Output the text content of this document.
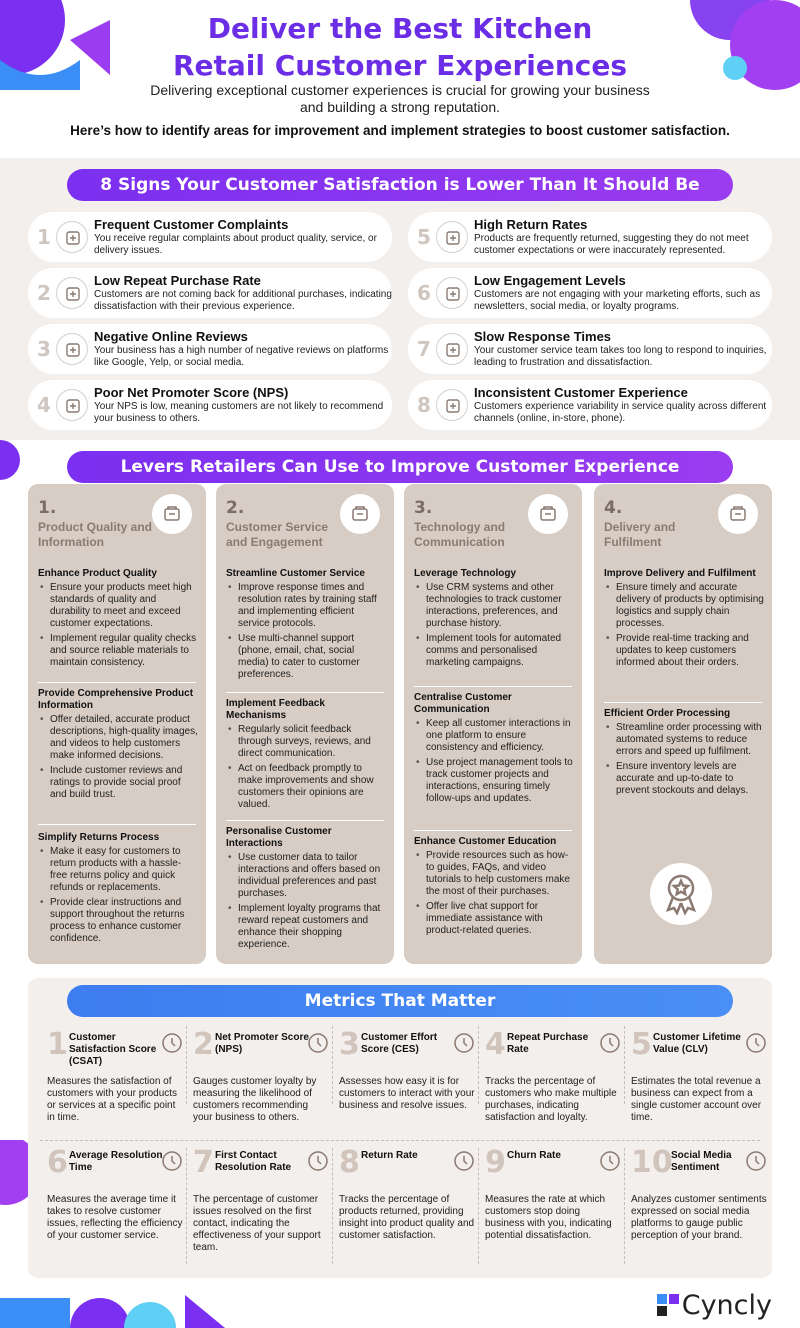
Deliver the Best Kitchen
Retail Customer Experiences
Delivering exceptional customer experiences is crucial for growing your business and building a strong reputation.
Here’s how to identify areas for improvement and implement strategies to boost customer satisfaction.
8 Signs Your Customer Satisfaction is Lower Than It Should Be
1
Frequent Customer Complaints
You receive regular complaints about product quality, service, or delivery issues.
2
Low Repeat Purchase Rate
Customers are not coming back for additional purchases, indicating dissatisfaction with their previous experience.
3
Negative Online Reviews
Your business has a high number of negative reviews on platforms like Google, Yelp, or social media.
4
Poor Net Promoter Score (NPS)
Your NPS is low, meaning customers are not likely to recommend your business to others.
5
High Return Rates
Products are frequently returned, suggesting they do not meet customer expectations or were inaccurately represented.
6
Low Engagement Levels
Customers are not engaging with your marketing efforts, such as newsletters, social media, or loyalty programs.
7
Slow Response Times
Your customer service team takes too long to respond to inquiries, leading to frustration and dissatisfaction.
8
Inconsistent Customer Experience
Customers experience variability in service quality across different channels (online, in-store, phone).
Levers Retailers Can Use to Improve Customer Experience
1.
Product Quality and Information
Enhance Product Quality
• Ensure your products meet high standards of quality and durability to meet and exceed customer expectations.
• Implement regular quality checks and source reliable materials to maintain consistency.
Provide Comprehensive Product Information
• Offer detailed, accurate product descriptions, high-quality images, and videos to help customers make informed decisions.
• Include customer reviews and ratings to provide social proof and build trust.
Simplify Returns Process
• Make it easy for customers to return products with a hassle-free returns policy and quick refunds or replacements.
• Provide clear instructions and support throughout the returns process to enhance customer confidence.
2.
Customer Service and Engagement
Streamline Customer Service
• Improve response times and resolution rates by training staff and implementing efficient service protocols.
• Use multi-channel support (phone, email, chat, social media) to cater to customer preferences.
Implement Feedback Mechanisms
• Regularly solicit feedback through surveys, reviews, and direct communication.
• Act on feedback promptly to make improvements and show customers their opinions are valued.
Personalise Customer Interactions
• Use customer data to tailor interactions and offers based on individual preferences and past purchases.
• Implement loyalty programs that reward repeat customers and enhance their shopping experience.
3.
Technology and Communication
Leverage Technology
• Use CRM systems and other technologies to track customer interactions, preferences, and purchase history.
• Implement tools for automated comms and personalised marketing campaigns.
Centralise Customer Communication
• Keep all customer interactions in one platform to ensure consistency and efficiency.
• Use project management tools to track customer projects and interactions, ensuring timely follow-ups and updates.
Enhance Customer Education
• Provide resources such as how-to guides, FAQs, and video tutorials to help customers make the most of their purchases.
• Offer live chat support for immediate assistance with product-related queries.
4.
Delivery and Fulfilment
Improve Delivery and Fulfilment
• Ensure timely and accurate delivery of products by optimising logistics and supply chain processes.
• Provide real-time tracking and updates to keep customers informed about their orders.
Efficient Order Processing
• Streamline order processing with automated systems to reduce errors and speed up fulfilment.
• Ensure inventory levels are accurate and up-to-date to prevent stockouts and delays.
Metrics That Matter
1 Customer Satisfaction Score (CSAT)
Measures the satisfaction of customers with your products or services at a specific point in time.
2 Net Promoter Score (NPS)
Gauges customer loyalty by measuring the likelihood of customers recommending your business to others.
3 Customer Effort Score (CES)
Assesses how easy it is for customers to interact with your business and resolve issues.
4 Repeat Purchase Rate
Tracks the percentage of customers who make multiple purchases, indicating satisfaction and loyalty.
5 Customer Lifetime Value (CLV)
Estimates the total revenue a business can expect from a single customer account over time.
6 Average Resolution Time
Measures the average time it takes to resolve customer issues, reflecting the efficiency of your customer service.
7 First Contact Resolution Rate
The percentage of customer issues resolved on the first contact, indicating the effectiveness of your support team.
8 Return Rate
Tracks the percentage of products returned, providing insight into product quality and customer satisfaction.
9 Churn Rate
Measures the rate at which customers stop doing business with you, indicating potential dissatisfaction.
10
Social Media Sentiment
Analyzes customer sentiments expressed on social media platforms to gauge public perception of your brand.
Cyncly
